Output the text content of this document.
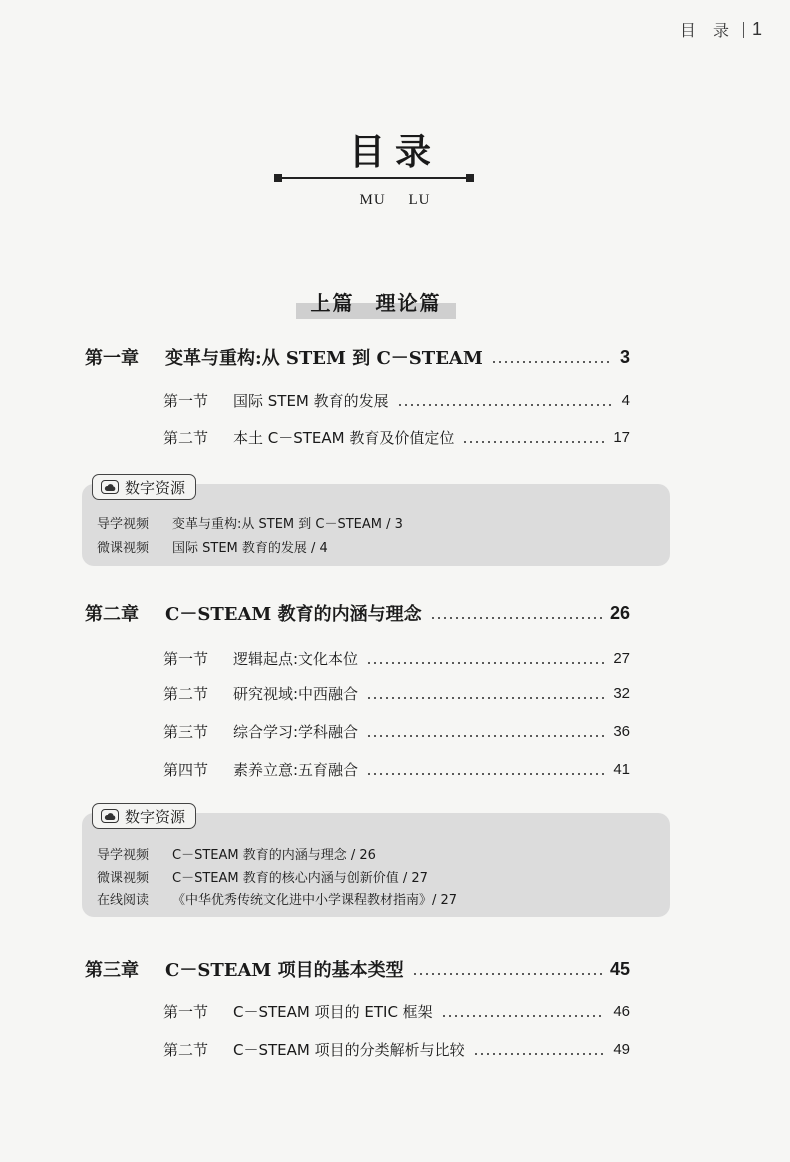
目 录 1
目录
MU LU
上篇 理论篇
第一章	变革与重构:从 STEM 到 C－STEAM	3
第一节	国际 STEM 教育的发展	4
第二节	本土 C－STEAM 教育及价值定位	17
数字资源
导学视频	变革与重构:从 STEM 到 C－STEAM / 3
微课视频	国际 STEM 教育的发展 / 4
第二章	C－STEAM 教育的内涵与理念	26
第一节	逻辑起点:文化本位	27
第二节	研究视域:中西融合	32
第三节	综合学习:学科融合	36
第四节	素养立意:五育融合	41
数字资源
导学视频	C－STEAM 教育的内涵与理念 / 26
微课视频	C－STEAM 教育的核心内涵与创新价值 / 27
在线阅读	《中华优秀传统文化进中小学课程教材指南》/ 27
第三章	C－STEAM 项目的基本类型	45
第一节	C－STEAM 项目的 ETIC 框架	46
第二节	C－STEAM 项目的分类解析与比较	49
